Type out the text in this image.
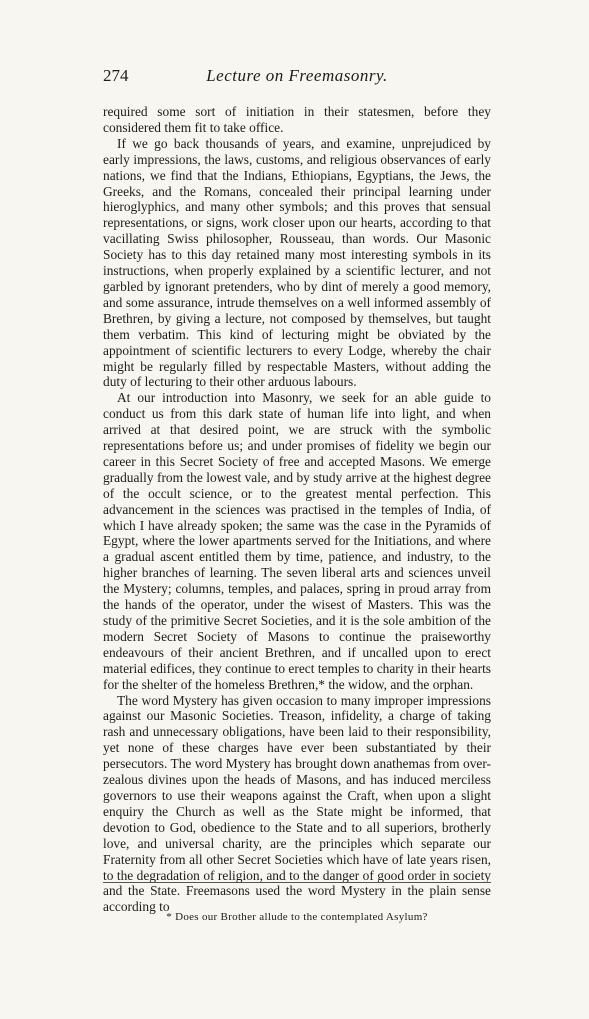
274	Lecture on Freemasonry.

required some sort of initiation in their statesmen, before they considered them fit to take office.

If we go back thousands of years, and examine, unprejudiced by early impressions, the laws, customs, and religious observances of early nations, we find that the Indians, Ethiopians, Egyptians, the Jews, the Greeks, and the Romans, concealed their principal learning under hieroglyphics, and many other symbols; and this proves that sensual representations, or signs, work closer upon our hearts, according to that vacillating Swiss philosopher, Rousseau, than words. Our Masonic Society has to this day retained many most interesting symbols in its instructions, when properly explained by a scientific lecturer, and not garbled by ignorant pretenders, who by dint of merely a good memory, and some assurance, intrude themselves on a well informed assembly of Brethren, by giving a lecture, not composed by themselves, but taught them verbatim. This kind of lecturing might be obviated by the appointment of scientific lecturers to every Lodge, whereby the chair might be regularly filled by respectable Masters, without adding the duty of lecturing to their other arduous labours.

At our introduction into Masonry, we seek for an able guide to conduct us from this dark state of human life into light, and when arrived at that desired point, we are struck with the symbolic representations before us; and under promises of fidelity we begin our career in this Secret Society of free and accepted Masons. We emerge gradually from the lowest vale, and by study arrive at the highest degree of the occult science, or to the greatest mental perfection. This advancement in the sciences was practised in the temples of India, of which I have already spoken; the same was the case in the Pyramids of Egypt, where the lower apartments served for the Initiations, and where a gradual ascent entitled them by time, patience, and industry, to the higher branches of learning. The seven liberal arts and sciences unveil the Mystery; columns, temples, and palaces, spring in proud array from the hands of the operator, under the wisest of Masters. This was the study of the primitive Secret Societies, and it is the sole ambition of the modern Secret Society of Masons to continue the praiseworthy endeavours of their ancient Brethren, and if uncalled upon to erect material edifices, they continue to erect temples to charity in their hearts for the shelter of the homeless Brethren,* the widow, and the orphan.

The word Mystery has given occasion to many improper impressions against our Masonic Societies. Treason, infidelity, a charge of taking rash and unnecessary obligations, have been laid to their responsibility, yet none of these charges have ever been substantiated by their persecutors. The word Mystery has brought down anathemas from over-zealous divines upon the heads of Masons, and has induced merciless governors to use their weapons against the Craft, when upon a slight enquiry the Church as well as the State might be informed, that devotion to God, obedience to the State and to all superiors, brotherly love, and universal charity, are the principles which separate our Fraternity from all other Secret Societies which have of late years risen, to the degradation of religion, and to the danger of good order in society and the State. Freemasons used the word Mystery in the plain sense according to

* Does our Brother allude to the contemplated Asylum?
